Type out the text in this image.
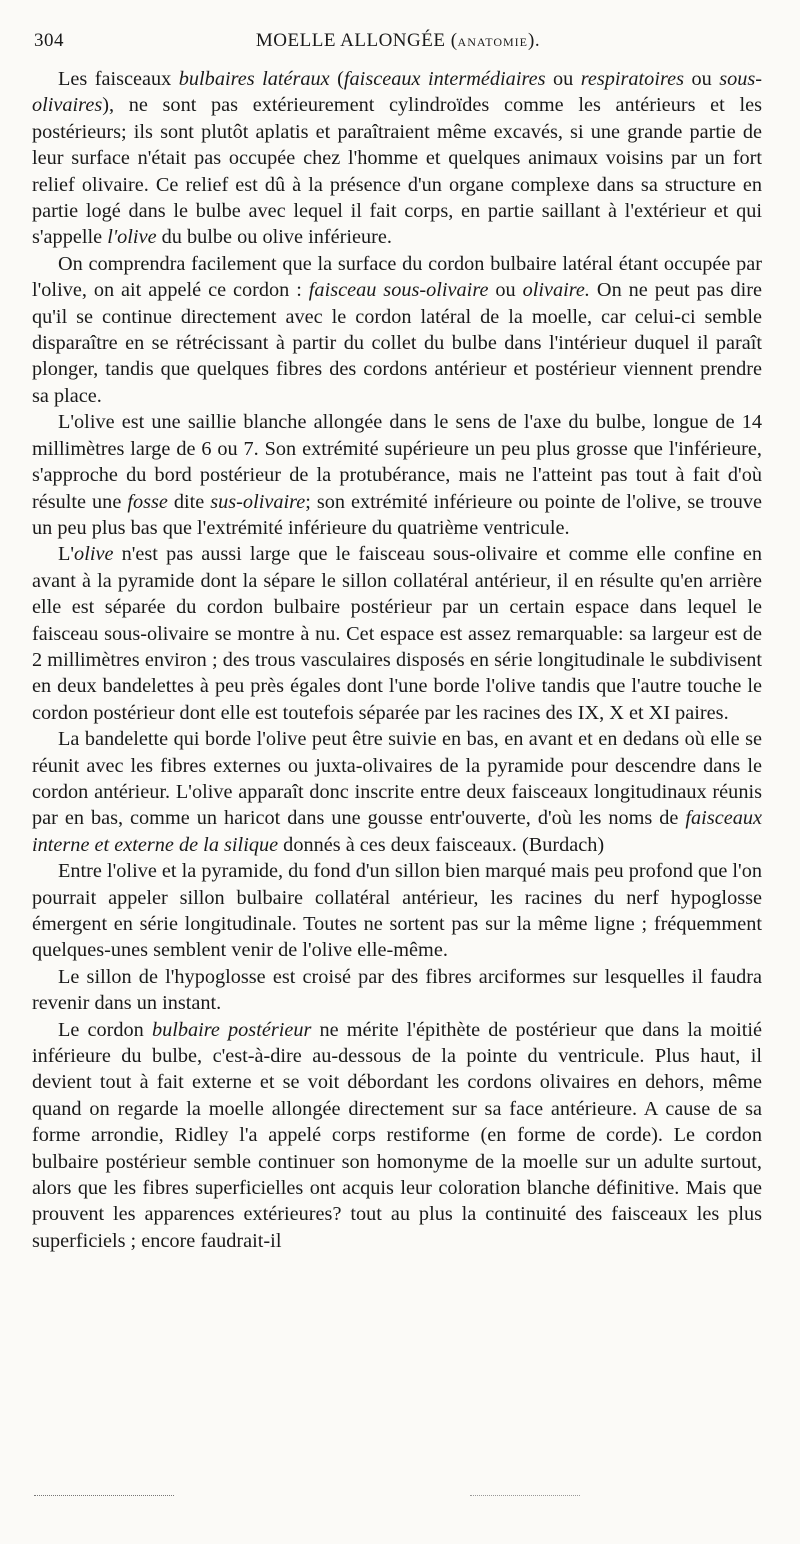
304	MOELLE ALLONGÉE (ANATOMIE).

Les faisceaux bulbaires latéraux (faisceaux intermédiaires ou respiratoires ou sous-olivaires), ne sont pas extérieurement cylindroïdes comme les antérieurs et les postérieurs; ils sont plutôt aplatis et paraîtraient même excavés, si une grande partie de leur surface n'était pas occupée chez l'homme et quelques animaux voisins par un fort relief olivaire. Ce relief est dû à la présence d'un organe complexe dans sa structure en partie logé dans le bulbe avec lequel il fait corps, en partie saillant à l'extérieur et qui s'appelle l'olive du bulbe ou olive inférieure.

On comprendra facilement que la surface du cordon bulbaire latéral étant occupée par l'olive, on ait appelé ce cordon : faisceau sous-olivaire ou olivaire. On ne peut pas dire qu'il se continue directement avec le cordon latéral de la moelle, car celui-ci semble disparaître en se rétrécissant à partir du collet du bulbe dans l'intérieur duquel il paraît plonger, tandis que quelques fibres des cordons antérieur et postérieur viennent prendre sa place.

L'olive est une saillie blanche allongée dans le sens de l'axe du bulbe, longue de 14 millimètres large de 6 ou 7. Son extrémité supérieure un peu plus grosse que l'inférieure, s'approche du bord postérieur de la protubérance, mais ne l'atteint pas tout à fait d'où résulte une fosse dite sus-olivaire; son extrémité inférieure ou pointe de l'olive, se trouve un peu plus bas que l'extrémité inférieure du quatrième ventricule.

L'olive n'est pas aussi large que le faisceau sous-olivaire et comme elle confine en avant à la pyramide dont la sépare le sillon collatéral antérieur, il en résulte qu'en arrière elle est séparée du cordon bulbaire postérieur par un certain espace dans lequel le faisceau sous-olivaire se montre à nu. Cet espace est assez remarquable: sa largeur est de 2 millimètres environ ; des trous vasculaires disposés en série longitudinale le subdivisent en deux bandelettes à peu près égales dont l'une borde l'olive tandis que l'autre touche le cordon postérieur dont elle est toutefois séparée par les racines des IX, X et XI paires.

La bandelette qui borde l'olive peut être suivie en bas, en avant et en dedans où elle se réunit avec les fibres externes ou juxta-olivaires de la pyramide pour descendre dans le cordon antérieur. L'olive apparaît donc inscrite entre deux faisceaux longitudinaux réunis par en bas, comme un haricot dans une gousse entr'ouverte, d'où les noms de faisceaux interne et externe de la silique donnés à ces deux faisceaux. (Burdach)

Entre l'olive et la pyramide, du fond d'un sillon bien marqué mais peu profond que l'on pourrait appeler sillon bulbaire collatéral antérieur, les racines du nerf hypoglosse émergent en série longitudinale. Toutes ne sortent pas sur la même ligne ; fréquemment quelques-unes semblent venir de l'olive elle-même.

Le sillon de l'hypoglosse est croisé par des fibres arciformes sur lesquelles il faudra revenir dans un instant.

Le cordon bulbaire postérieur ne mérite l'épithète de postérieur que dans la moitié inférieure du bulbe, c'est-à-dire au-dessous de la pointe du ventricule. Plus haut, il devient tout à fait externe et se voit débordant les cordons olivaires en dehors, même quand on regarde la moelle allongée directement sur sa face antérieure. A cause de sa forme arrondie, Ridley l'a appelé corps restiforme (en forme de corde). Le cordon bulbaire postérieur semble continuer son homonyme de la moelle sur un adulte surtout, alors que les fibres superficielles ont acquis leur coloration blanche définitive. Mais que prouvent les apparences extérieures? tout au plus la continuité des faisceaux les plus superficiels ; encore faudrait-il
